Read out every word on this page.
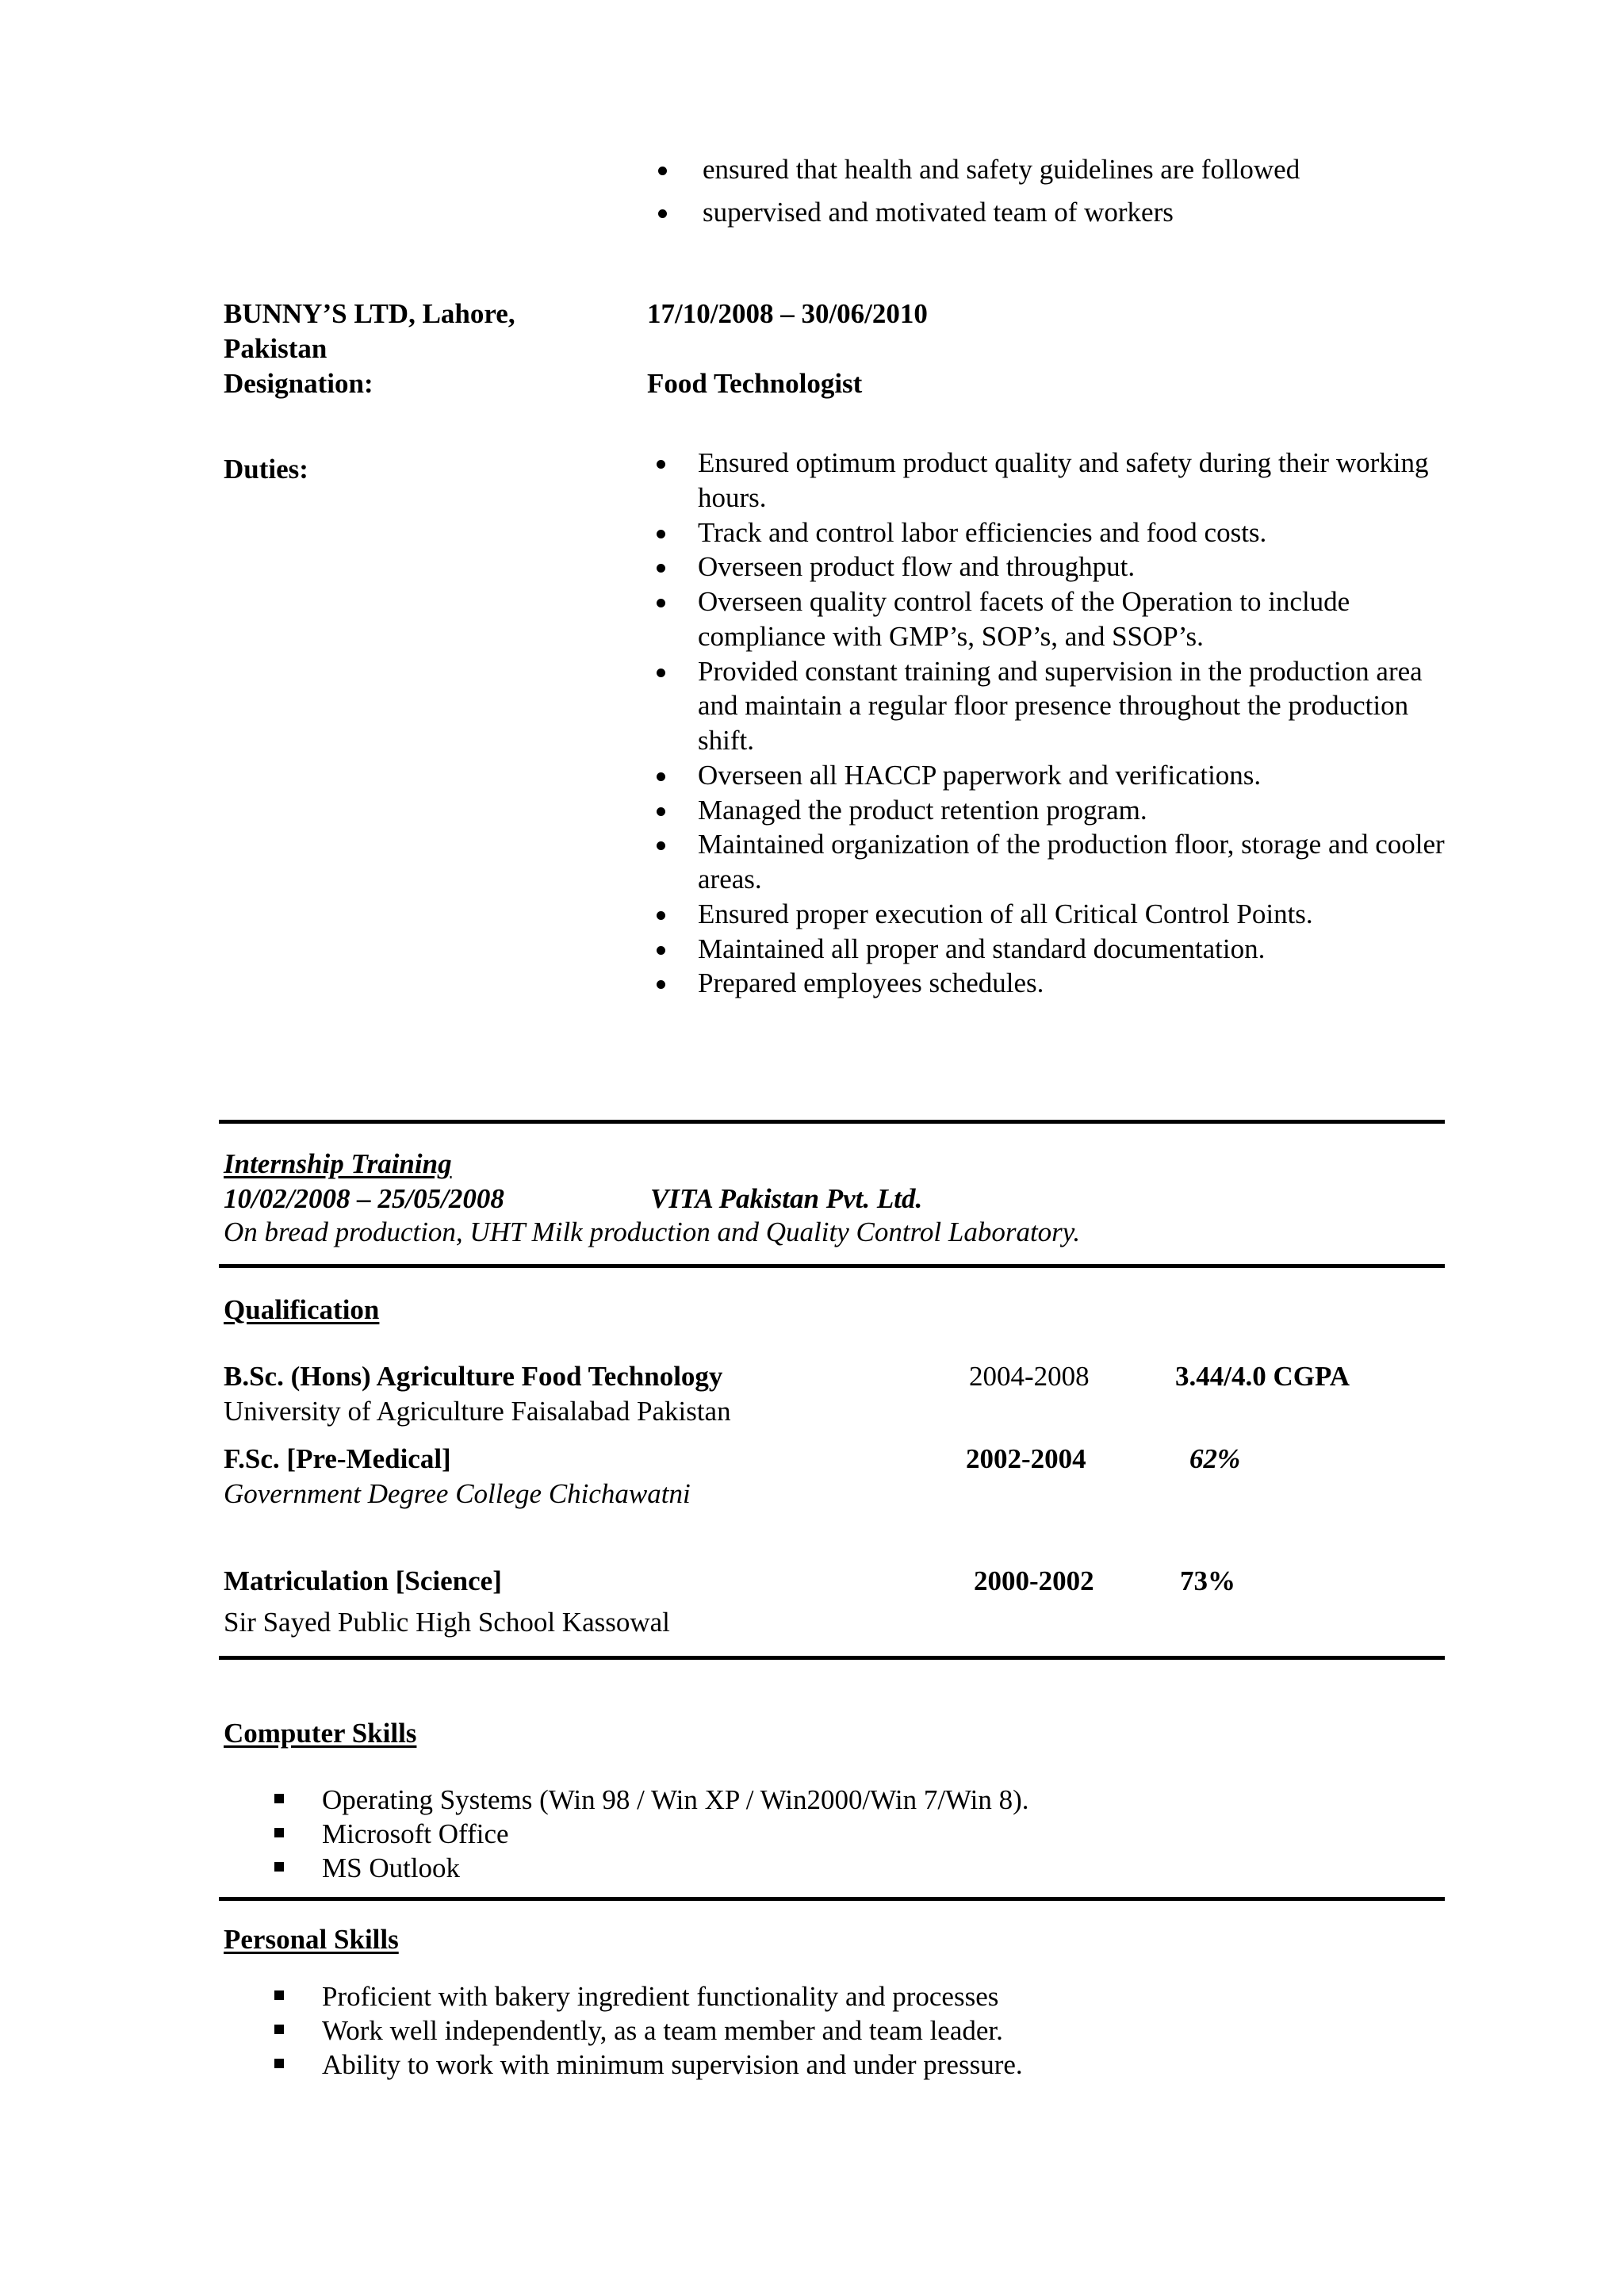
ensured that health and safety guidelines are followed
supervised and motivated team of workers
BUNNY’S LTD, Lahore,
Pakistan
17/10/2008 – 30/06/2010
Designation:	Food Technologist
Duties:	Ensured optimum product quality and safety during their working hours.
Track and control labor efficiencies and food costs.
Overseen product flow and throughput.
Overseen quality control facets of the Operation to include compliance with GMP’s, SOP’s, and SSOP’s.
Provided constant training and supervision in the production area and maintain a regular floor presence throughout the production shift.
Overseen all HACCP paperwork and verifications.
Managed the product retention program.
Maintained organization of the production floor, storage and cooler areas.
Ensured proper execution of all Critical Control Points.
Maintained all proper and standard documentation.
Prepared employees schedules.
Internship Training
10/02/2008 – 25/05/2008	VITA Pakistan Pvt. Ltd.
On bread production, UHT Milk production and Quality Control Laboratory.
Qualification
B.Sc. (Hons) Agriculture Food Technology	2004-2008	3.44/4.0 CGPA
University of Agriculture Faisalabad Pakistan
F.Sc. [Pre-Medical]	2002-2004	62%
Government Degree College Chichawatni
Matriculation [Science]	2000-2002	73%
Sir Sayed Public High School Kassowal
Computer Skills
Operating Systems (Win 98 / Win XP / Win2000/Win 7/Win 8).
Microsoft Office
MS Outlook
Personal Skills
Proficient with bakery ingredient functionality and processes
Work well independently, as a team member and team leader.
Ability to work with minimum supervision and under pressure.
